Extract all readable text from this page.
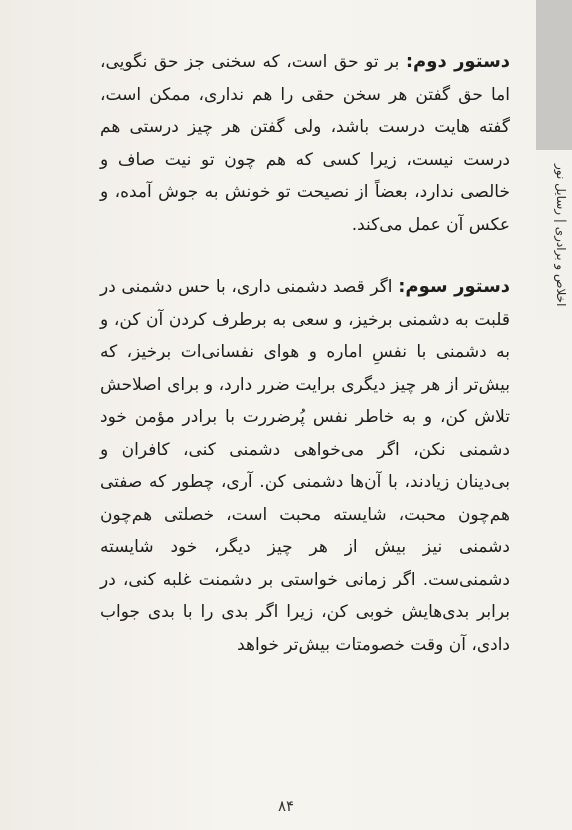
اخلاص و برادری | رسایل نور

دستور دوم: بر تو حق است، که سخنی جز حق نگویی، اما حق گفتن هر سخن حقی را هم نداری، ممکن است، گفته هایت درست باشد، ولی گفتن هر چیز درستی هم درست نیست، زیرا کسی که هم چون تو نیت صاف و خالصی ندارد، بعضاً از نصیحت تو خونش به جوش آمده، و عکس آن عمل می‌کند.

دستور سوم: اگر قصد دشمنی داری، با حس دشمنی در قلبت به دشمنی برخیز، و سعی به برطرف کردن آن کن، و به دشمنی با نفسِ اماره و هوای نفسانی‌ات برخیز، که بیش‌تر از هر چیز دیگری برایت ضرر دارد، و برای اصلاحش تلاش کن، و به خاطر نفس پُرضررت با برادر مؤمن خود دشمنی نکن، اگر می‌خواهی دشمنی کنی، کافران و بی‌دینان زیادند، با آن‌ها دشمنی کن. آری، چطور که صفتی هم‌چون محبت، شایسته محبت است، خصلتی هم‌چون دشمنی نیز بیش از هر چیز دیگر، خود شایسته دشمنی‌ست. اگر زمانی خواستی بر دشمنت غلبه کنی، در برابر بدی‌هایش خوبی کن، زیرا اگر بدی را با بدی جواب دادی، آن وقت خصومتات بیش‌تر خواهد

۸۴
